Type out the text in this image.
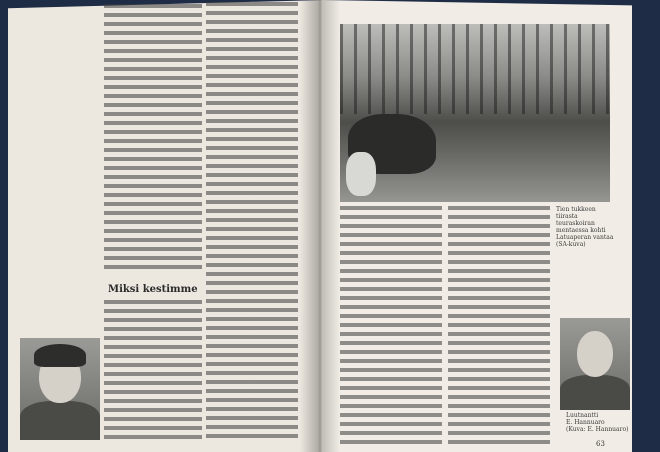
Miksi kestimme
Tien tukkeen tiirasta teuraskoiran mentaessa kohti Latuaperan vantaa
(SA-kuva)
Luutnantti
E. Hannuaro
(Kuva: E. Hannuaro)
63
